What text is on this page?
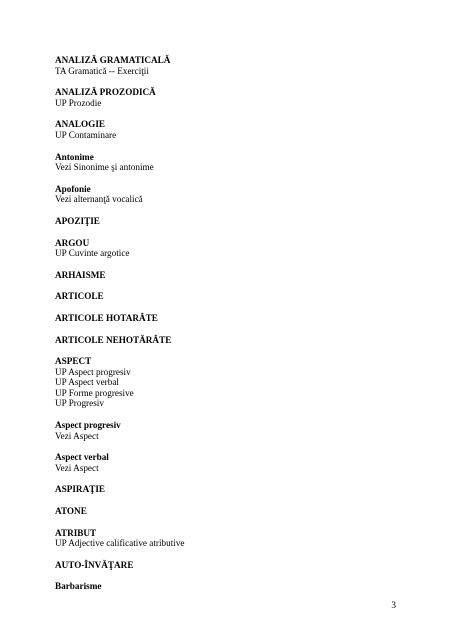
ANALIZĂ GRAMATICALĂ
TA Gramatică -- Exerciţii
ANALIZĂ PROZODICĂ
UP Prozodie
ANALOGIE
UP Contaminare
Antonime
Vezi Sinonime şi antonime
Apofonie
Vezi alternanţă vocalică
APOZIŢIE
ARGOU
UP Cuvinte argotice
ARHAISME
ARTICOLE
ARTICOLE HOTARÂTE
ARTICOLE NEHOTĂRÂTE
ASPECT
UP Aspect progresiv
UP Aspect verbal
UP Forme progresive
UP Progresiv
Aspect progresiv
Vezi Aspect
Aspect verbal
Vezi Aspect
ASPIRAŢIE
ATONE
ATRIBUT
UP Adjective calificative atributive
AUTO-ÎNVĂŢARE
Barbarisme
3
